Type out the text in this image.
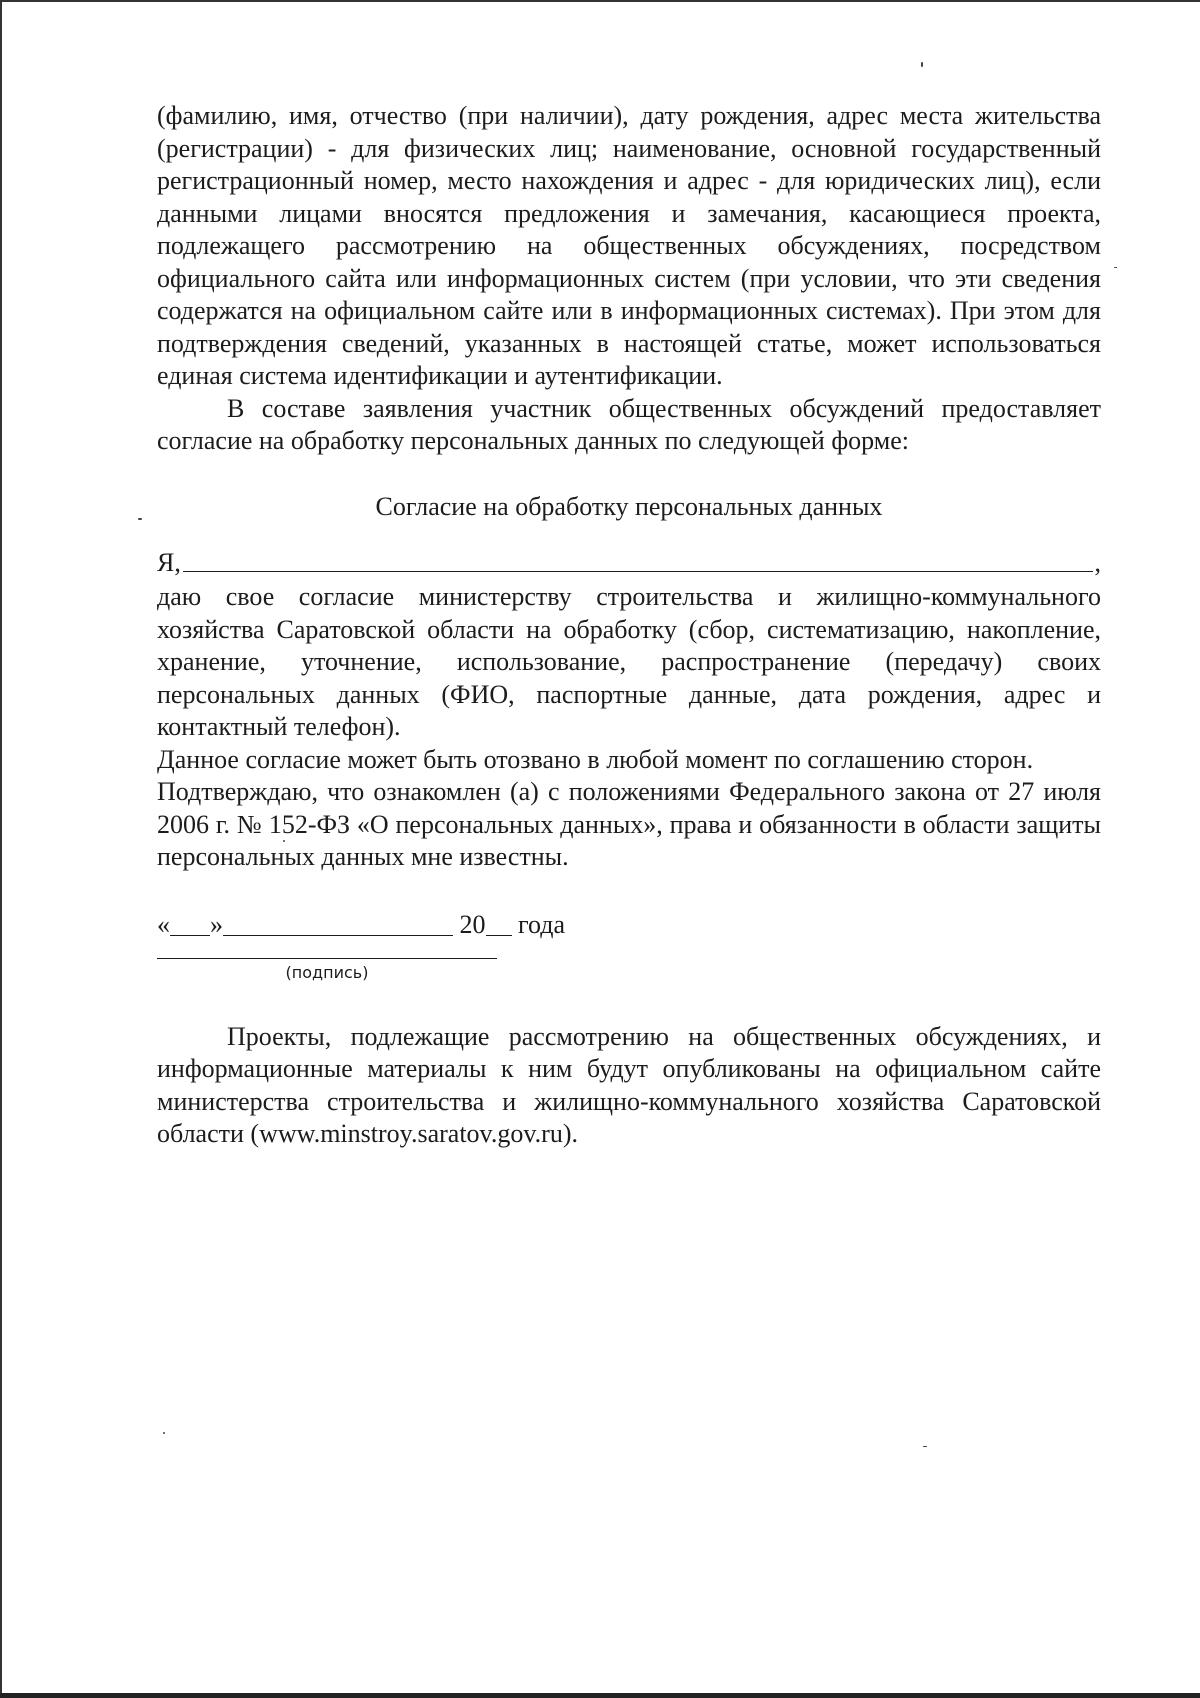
(фамилию, имя, отчество (при наличии), дату рождения, адрес места жительства (регистрации) - для физических лиц; наименование, основной государственный регистрационный номер, место нахождения и адрес - для юридических лиц), если данными лицами вносятся предложения и замечания, касающиеся проекта, подлежащего рассмотрению на общественных обсуждениях, посредством официального сайта или информационных систем (при условии, что эти сведения содержатся на официальном сайте или в информационных системах). При этом для подтверждения сведений, указанных в настоящей статье, может использоваться единая система идентификации и аутентификации.

В составе заявления участник общественных обсуждений предоставляет согласие на обработку персональных данных по следующей форме:

Согласие на обработку персональных данных

Я,	,

даю свое согласие министерству строительства и жилищно-коммунального хозяйства Саратовской области на обработку (сбор, систематизацию, накопление, хранение, уточнение, использование, распространение (передачу) своих персональных данных (ФИО, паспортные данные, дата рождения, адрес и контактный телефон).

Данное согласие может быть отозвано в любой момент по соглашению сторон.

Подтверждаю, что ознакомлен (а) с положениями Федерального закона от 27 июля 2006 г. № 152-ФЗ «О персональных данных», права и обязанности в области защиты персональных данных мне известны.

« »
	20
года
(подпись)

Проекты, подлежащие рассмотрению на общественных обсуждениях, и информационные материалы к ним будут опубликованы на официальном сайте министерства строительства и жилищно-коммунального хозяйства Саратовской области (www.minstroy.saratov.gov.ru).
